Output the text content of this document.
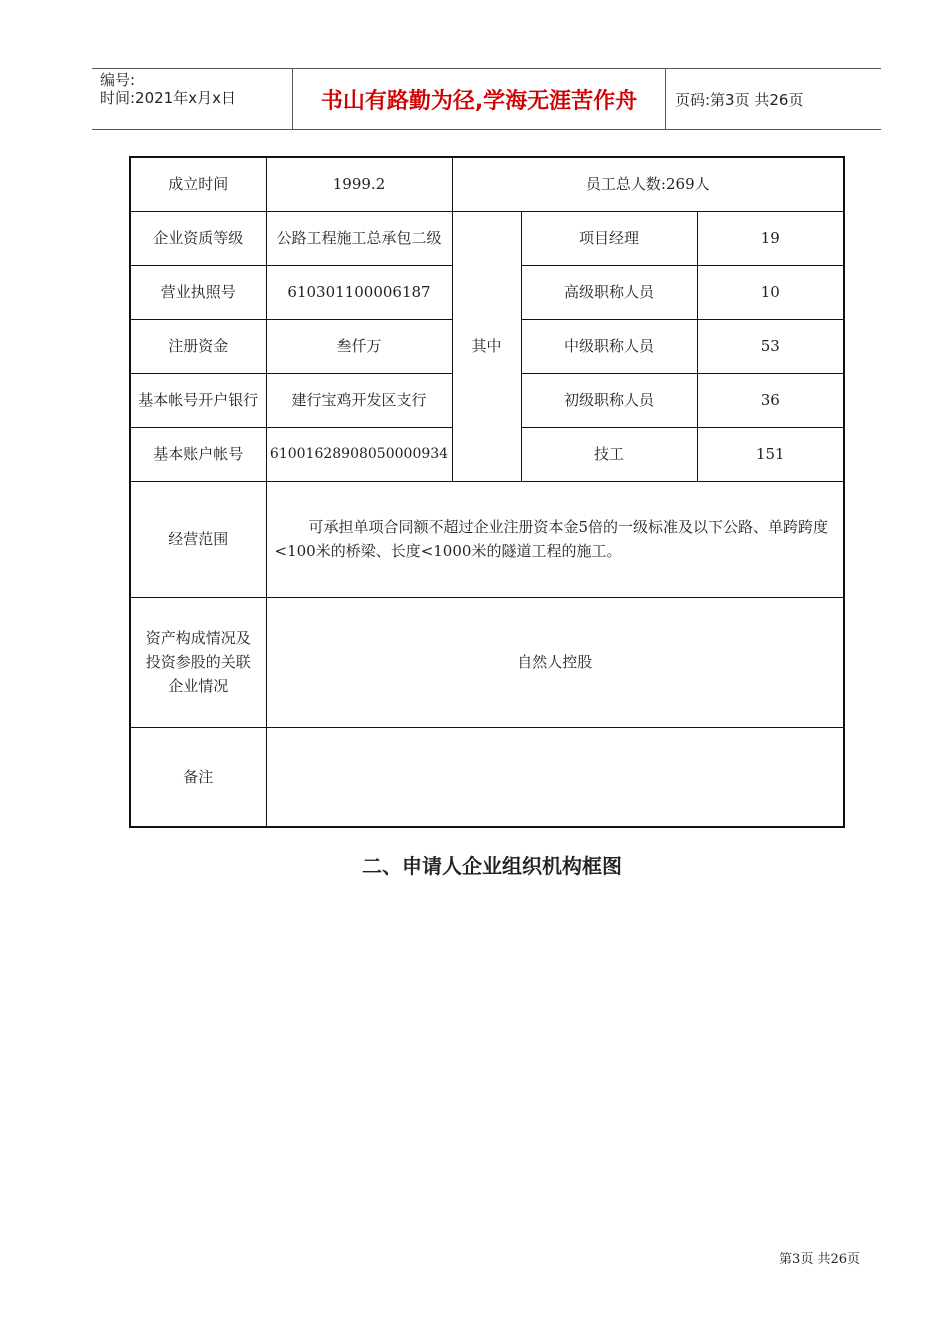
编号:
时间:2021年x月x日	书山有路勤为径,学海无涯苦作舟	页码:第3页 共26页
成立时间	1999.2	员工总人数:269人		
企业资质等级	公路工程施工总承包二级	其中	项目经理	19
营业执照号	610301100006187		高级职称人员	10
注册资金	叁仟万		中级职称人员	53
基本帐号开户银行	建行宝鸡开发区支行		初级职称人员	36
基本账户帐号	61001628908050000934		技工	151
经营范围	可承担单项合同额不超过企业注册资本金5倍的一级标准及以下公路、单跨跨度<100米的桥梁、长度<1000米的隧道工程的施工。			
资产构成情况及投资参股的关联企业情况	自然人控股			
备注				
二、申请人企业组织机构框图
第3页 共26页
